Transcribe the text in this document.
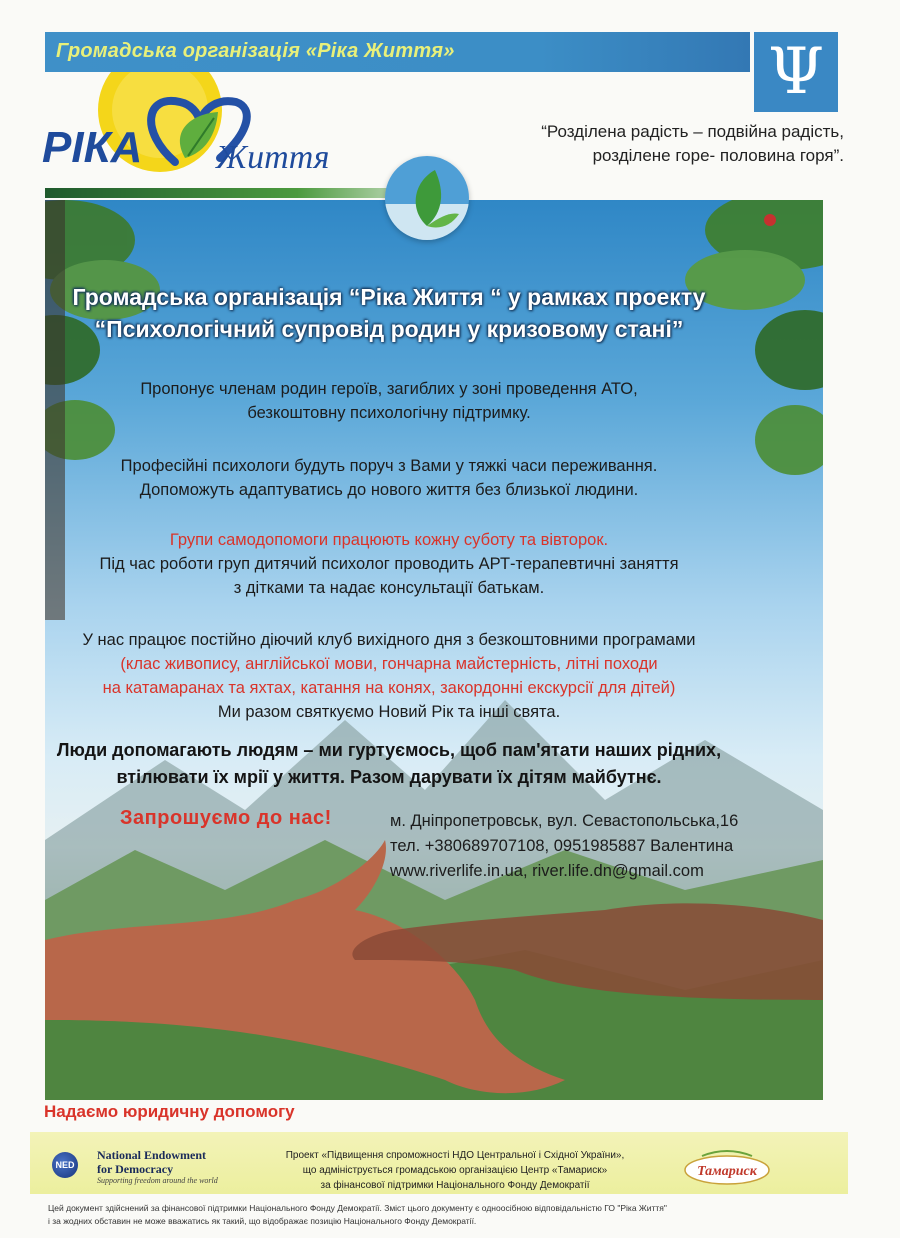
Громадська організація «Ріка Життя»	Ψ
РІКА Життя
“Розділена радість – подвійна радість,
розділене горе- половина горя”.
Громадська організація “Ріка Життя “ у рамках проекту
“Психологічний супровід родин у кризовому стані”
Пропонує членам родин героїв, загиблих у зоні проведення АТО,
безкоштовну психологічну підтримку.
Професійні психологи будуть поруч з Вами у тяжкі часи переживання.
Допоможуть адаптуватись до нового життя без близької людини.
Групи самодопомоги працюють кожну суботу та вівторок.
Під час роботи груп дитячий психолог проводить АРТ-терапевтичні заняття
з дітками та надає консультації батькам.
У нас працює постійно діючий клуб вихідного дня з безкоштовними програмами
(клас живопису, англійської мови, гончарна майстерність, літні походи
на катамаранах та яхтах, катання на конях, закордонні екскурсії для дітей)
Ми разом святкуємо Новий Рік та інші свята.
Люди допомагають людям – ми гуртуємось, щоб пам'ятати наших рідних,
втілювати їх мрії у життя. Разом дарувати їх дітям майбутнє.
Запрошуємо до нас!	м. Дніпропетровськ, вул. Севастопольська,16
тел. +380689707108, 0951985887 Валентина
www.riverlife.in.ua, river.life.dn@gmail.com
Надаємо юридичну допомогу
NED
National Endowment
for Democracy
Supporting freedom around the world
Проект «Підвищення спроможності НДО Центральної і Східної України»,
що адмініструється громадською організацією Центр «Тамариск»
за фінансової підтримки Національного Фонду Демократії
Тамариск
Цей документ здійснений за фінансової підтримки Національного Фонду Демократії. Зміст цього документу є одноосібною відповідальністю ГО "Ріка Життя"
і за жодних обставин не може вважатись як такий, що відображає позицію Національного Фонду Демократії.
